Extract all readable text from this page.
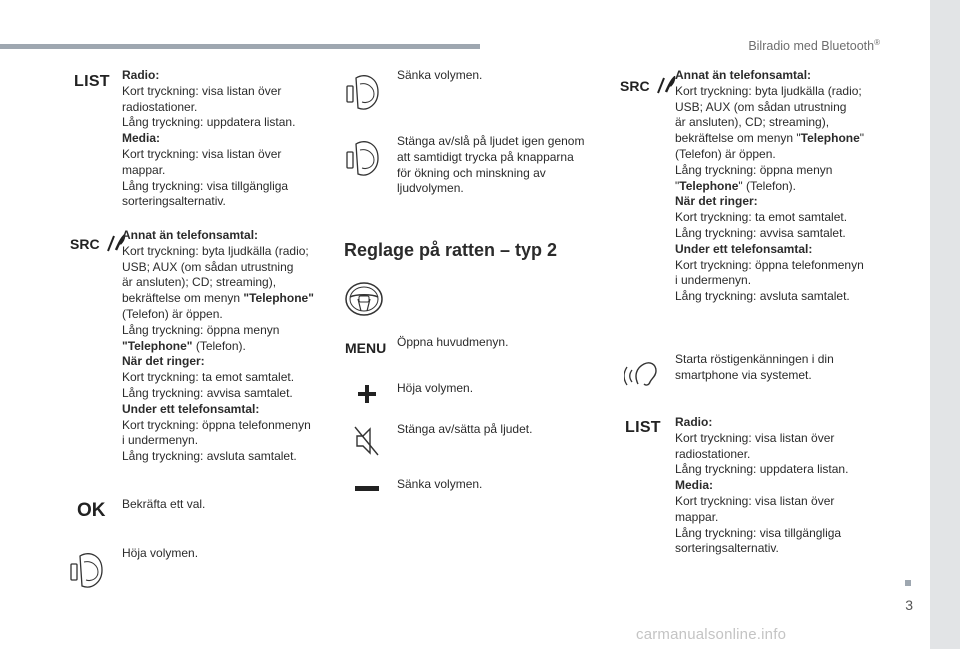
Bilradio med Bluetooth®
3
carmanualsonline.info
LIST Radio:

Kort tryckning: visa listan över

radiostationer.

Lång tryckning: uppdatera listan.

Media:

Kort tryckning: visa listan över

mappar.

Lång tryckning: visa tillgängliga

sorteringsalternativ.

SRC

Annat än telefonsamtal:

Kort tryckning: byta ljudkälla (radio;

USB; AUX (om sådan utrustning

är ansluten); CD; streaming),

bekräftelse om menyn "Telephone"

(Telefon) är öppen.

Lång tryckning: öppna menyn

"Telephone" (Telefon).

När det ringer:

Kort tryckning: ta emot samtalet.

Lång tryckning: avvisa samtalet.

Under ett telefonsamtal:

Kort tryckning: öppna telefonmenyn

i undermenyn.

Lång tryckning: avsluta samtalet.

OK Bekräfta ett val.
Höja volymen.
Sänka volymen.

Stänga av/slå på ljudet igen genom

att samtidigt trycka på knapparna

för ökning och minskning av

ljudvolymen.

Reglage på ratten – typ 2
MENU Öppna huvudmenyn.
Höja volymen.
Stänga av/sätta på ljudet.
Sänka volymen.
SRC

Annat än telefonsamtal:

Kort tryckning: byta ljudkälla (radio;

USB; AUX (om sådan utrustning

är ansluten), CD; streaming),

bekräftelse om menyn "Telephone"

(Telefon) är öppen.

Lång tryckning: öppna menyn

"Telephone" (Telefon).

När det ringer:

Kort tryckning: ta emot samtalet.

Lång tryckning: avvisa samtalet.

Under ett telefonsamtal:

Kort tryckning: öppna telefonmenyn

i undermenyn.

Lång tryckning: avsluta samtalet.

Starta röstigenkänningen i din

smartphone via systemet.

LIST Radio:

Kort tryckning: visa listan över

radiostationer.

Lång tryckning: uppdatera listan.

Media:

Kort tryckning: visa listan över

mappar.

Lång tryckning: visa tillgängliga

sorteringsalternativ.
